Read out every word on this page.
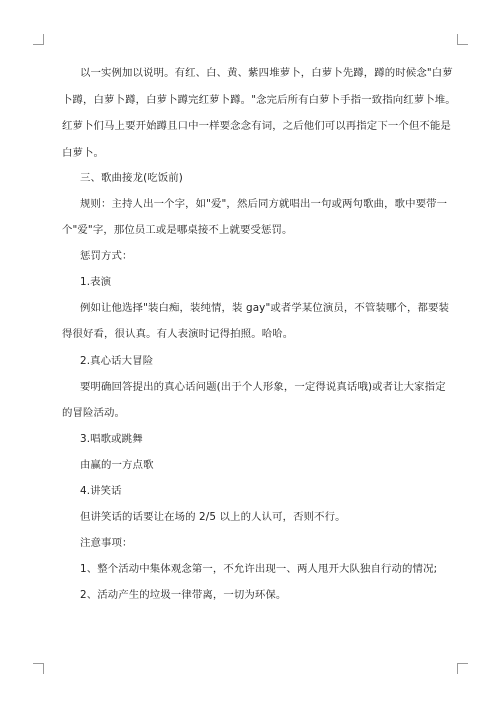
以一实例加以说明。有红、白、黄、紫四堆萝卜，白萝卜先蹲，蹲的时候念"白萝
卜蹲，白萝卜蹲，白萝卜蹲完红萝卜蹲。"念完后所有白萝卜手指一致指向红萝卜堆。
红萝卜们马上要开始蹲且口中一样要念念有词，之后他们可以再指定下一个但不能是
白萝卜。
三、歌曲接龙(吃饭前)
规则：主持人出一个字，如"爱"，然后同方就唱出一句或两句歌曲，歌中要带一
个"爱"字，那位员工或是哪桌接不上就要受惩罚。
惩罚方式：
1.表演
例如让他选择"装白痴，装纯情，装 gay"或者学某位演员，不管装哪个，都要装
得很好看，很认真。有人表演时记得拍照。哈哈。
2.真心话大冒险
要明确回答提出的真心话问题(出于个人形象，一定得说真话哦)或者让大家指定
的冒险活动。
3.唱歌或跳舞
由赢的一方点歌
4.讲笑话
但讲笑话的话要让在场的 2/5 以上的人认可，否则不行。
注意事项：
1、整个活动中集体观念第一，不允许出现一、两人甩开大队独自行动的情况;
2、活动产生的垃圾一律带离，一切为环保。
